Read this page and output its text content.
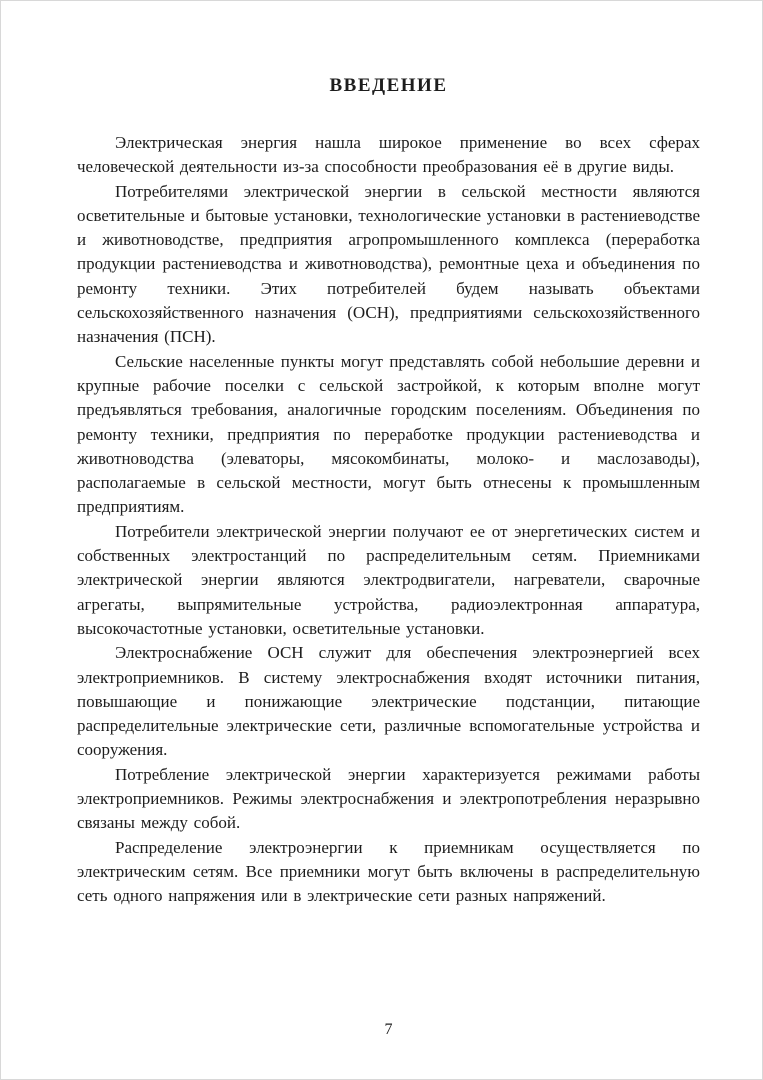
ВВЕДЕНИЕ

Электрическая энергия нашла широкое применение во всех сферах человеческой деятельности из-за способности преобразования её в другие виды.

Потребителями электрической энергии в сельской местности являются осветительные и бытовые установки, технологические установки в растениеводстве и животноводстве, предприятия агропромышленного комплекса (переработка продукции растениеводства и животноводства), ремонтные цеха и объединения по ремонту техники. Этих потребителей будем называть объектами сельскохозяйственного назначения (ОСН), предприятиями сельскохозяйственного назначения (ПСН).

Сельские населенные пункты могут представлять собой небольшие деревни и крупные рабочие поселки с сельской застройкой, к которым вполне могут предъявляться требования, аналогичные городским поселениям. Объединения по ремонту техники, предприятия по переработке продукции растениеводства и животноводства (элеваторы, мясокомбинаты, молоко- и маслозаводы), располагаемые в сельской местности, могут быть отнесены к промышленным предприятиям.

Потребители электрической энергии получают ее от энергетических систем и собственных электростанций по распределительным сетям. Приемниками электрической энергии являются электродвигатели, нагреватели, сварочные агрегаты, выпрямительные устройства, радиоэлектронная аппаратура, высокочастотные установки, осветительные установки.

Электроснабжение ОСН служит для обеспечения электроэнергией всех электроприемников. В систему электроснабжения входят источники питания, повышающие и понижающие электрические подстанции, питающие распределительные электрические сети, различные вспомогательные устройства и сооружения.

Потребление электрической энергии характеризуется режимами работы электроприемников. Режимы электроснабжения и электропотребления неразрывно связаны между собой.

Распределение электроэнергии к приемникам осуществляется по электрическим сетям. Все приемники могут быть включены в распределительную сеть одного напряжения или в электрические сети разных напряжений.

7
